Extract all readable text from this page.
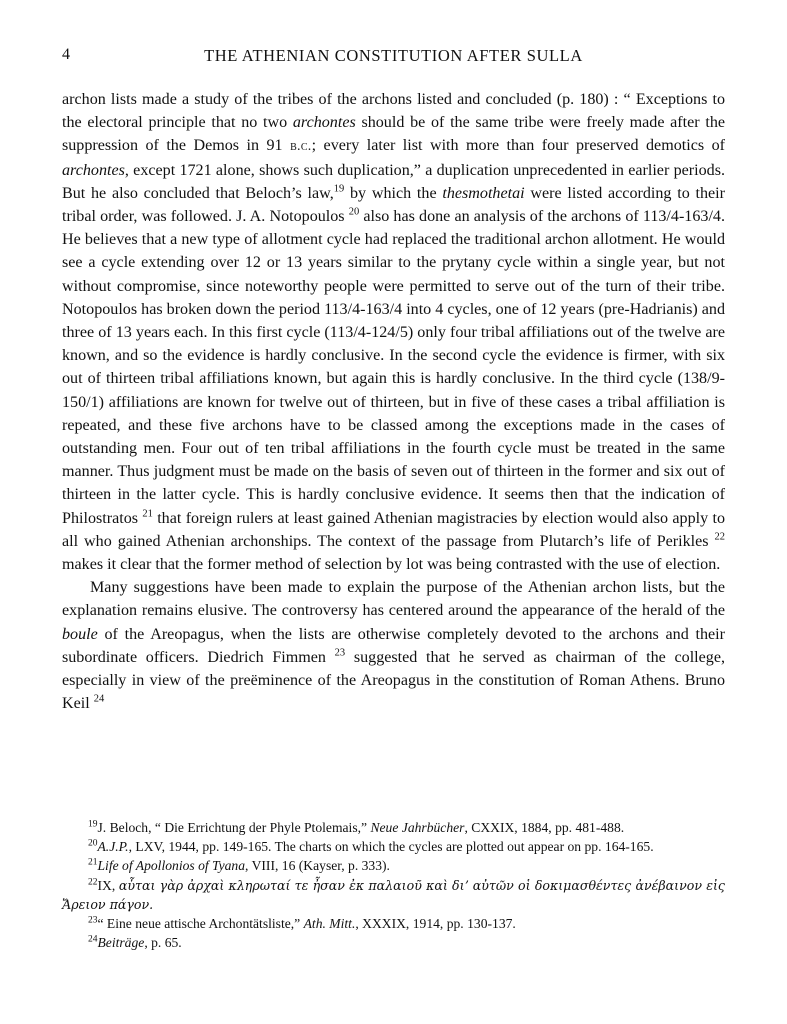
4	THE ATHENIAN CONSTITUTION AFTER SULLA

archon lists made a study of the tribes of the archons listed and concluded (p. 180) : “ Exceptions to the electoral principle that no two archontes should be of the same tribe were freely made after the suppression of the Demos in 91 b.c.; every later list with more than four preserved demotics of archontes, except 1721 alone, shows such duplication,” a duplication unprecedented in earlier periods. But he also concluded that Beloch’s law,$^{19}$ by which the thesmothetai were listed according to their tribal order, was followed. J. A. Notopoulos $^{20}$ also has done an analysis of the archons of 113/4-163/4. He believes that a new type of allotment cycle had replaced the traditional archon allotment. He would see a cycle extending over 12 or 13 years similar to the prytany cycle within a single year, but not without compromise, since noteworthy people were permitted to serve out of the turn of their tribe. Notopoulos has broken down the period 113/4-163/4 into 4 cycles, one of 12 years (pre-Hadrianis) and three of 13 years each. In this first cycle (113/4-124/5) only four tribal affiliations out of the twelve are known, and so the evidence is hardly conclusive. In the second cycle the evidence is firmer, with six out of thirteen tribal affiliations known, but again this is hardly conclusive. In the third cycle (138/9-150/1) affiliations are known for twelve out of thirteen, but in five of these cases a tribal affiliation is repeated, and these five archons have to be classed among the exceptions made in the cases of outstanding men. Four out of ten tribal affiliations in the fourth cycle must be treated in the same manner. Thus judgment must be made on the basis of seven out of thirteen in the former and six out of thirteen in the latter cycle. This is hardly conclusive evidence. It seems then that the indication of Philostratos $^{21}$ that foreign rulers at least gained Athenian magistracies by election would also apply to all who gained Athenian archonships. The context of the passage from Plutarch’s life of Perikles $^{22}$ makes it clear that the former method of selection by lot was being contrasted with the use of election.

Many suggestions have been made to explain the purpose of the Athenian archon lists, but the explanation remains elusive. The controversy has centered around the appearance of the herald of the boule of the Areopagus, when the lists are otherwise completely devoted to the archons and their subordinate officers. Diedrich Fimmen $^{23}$ suggested that he served as chairman of the college, especially in view of the preëminence of the Areopagus in the constitution of Roman Athens. Bruno Keil $^{24}$

$^{19}$J. Beloch, “ Die Errichtung der Phyle Ptolemais,” Neue Jahrbücher, CXXIX, 1884, pp. 481-488.

$^{20}$A.J.P., LXV, 1944, pp. 149-165. The charts on which the cycles are plotted out appear on pp. 164-165.

$^{21}$Life of Apollonios of Tyana, VIII, 16 (Kayser, p. 333).

$^{22}$IX, αὗται γὰρ ἀρχαὶ κληρωταί τε ἦσαν ἐκ παλαιοῦ καὶ διʼ αὐτῶν οἱ δοκιμασθέντες ἀνέβαινον εἰς Ἄρειον πάγον.

$^{23}$“ Eine neue attische Archontätsliste,” Ath. Mitt., XXXIX, 1914, pp. 130-137.

$^{24}$Beiträge, p. 65.
